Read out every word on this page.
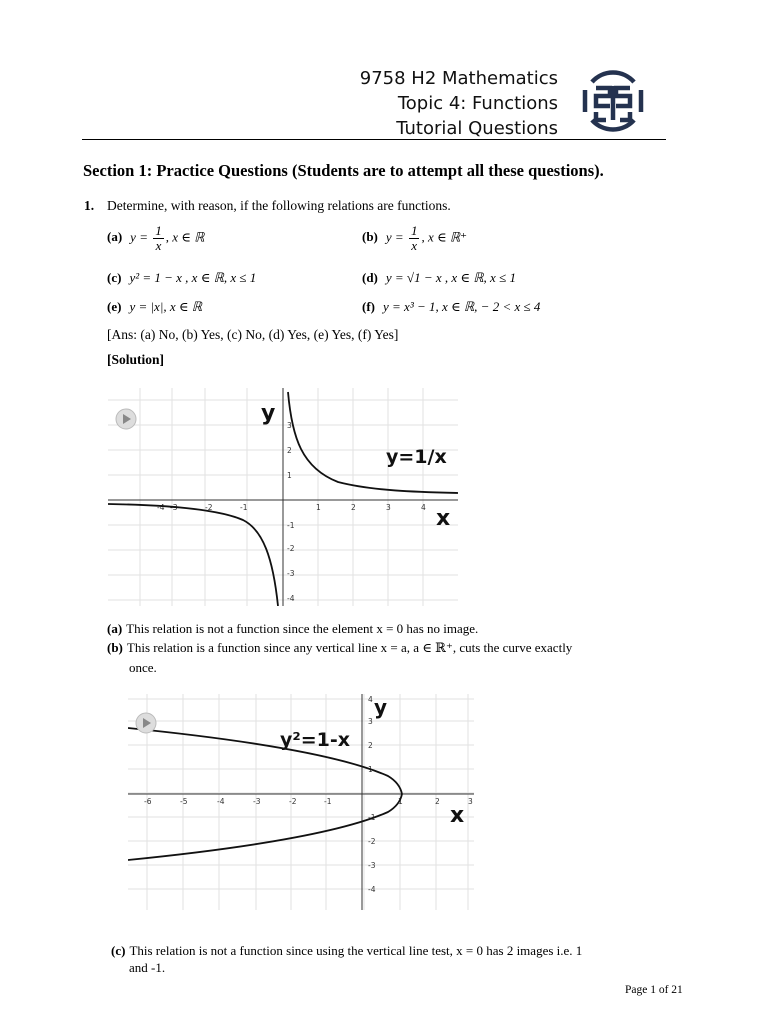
9758 H2 Mathematics
Topic 4: Functions
Tutorial Questions
Section 1: Practice Questions (Students are to attempt all these questions).
1. Determine, with reason, if the following relations are functions.
(a) $y = \frac{1}{x}$ , x ∈ ℝ	(b) $y = \frac{1}{x}$ , x ∈ ℝ⁺
(c) y² = 1 − x , x ∈ ℝ, x ≤ 1	(d) y = √1 − x , x ∈ ℝ, x ≤ 1
(e) y = |x|, x ∈ ℝ	(f) y = x³ − 1, x ∈ ℝ, − 2 < x ≤ 4
[Ans: (a) No, (b) Yes, (c) No, (d) Yes, (e) Yes, (f) Yes]
[Solution]
-4 -3	-2	-1	1	2	3	4
3
2
1
-1
-2
-3
-4
y
x
y=1/x
(a) This relation is not a function since the element x = 0 has no image.
(b) This relation is a function since any vertical line x = a, a ∈ ℝ⁺, cuts the curve exactly
once.
-6	-5	-4	-3	-2	-1	1	2	3
4
3
2
1
-1
-2
-3
-4
y
x
y²=1-x
(c) This relation is not a function since using the vertical line test, x = 0 has 2 images i.e. 1
and -1.
Page 1 of 21
